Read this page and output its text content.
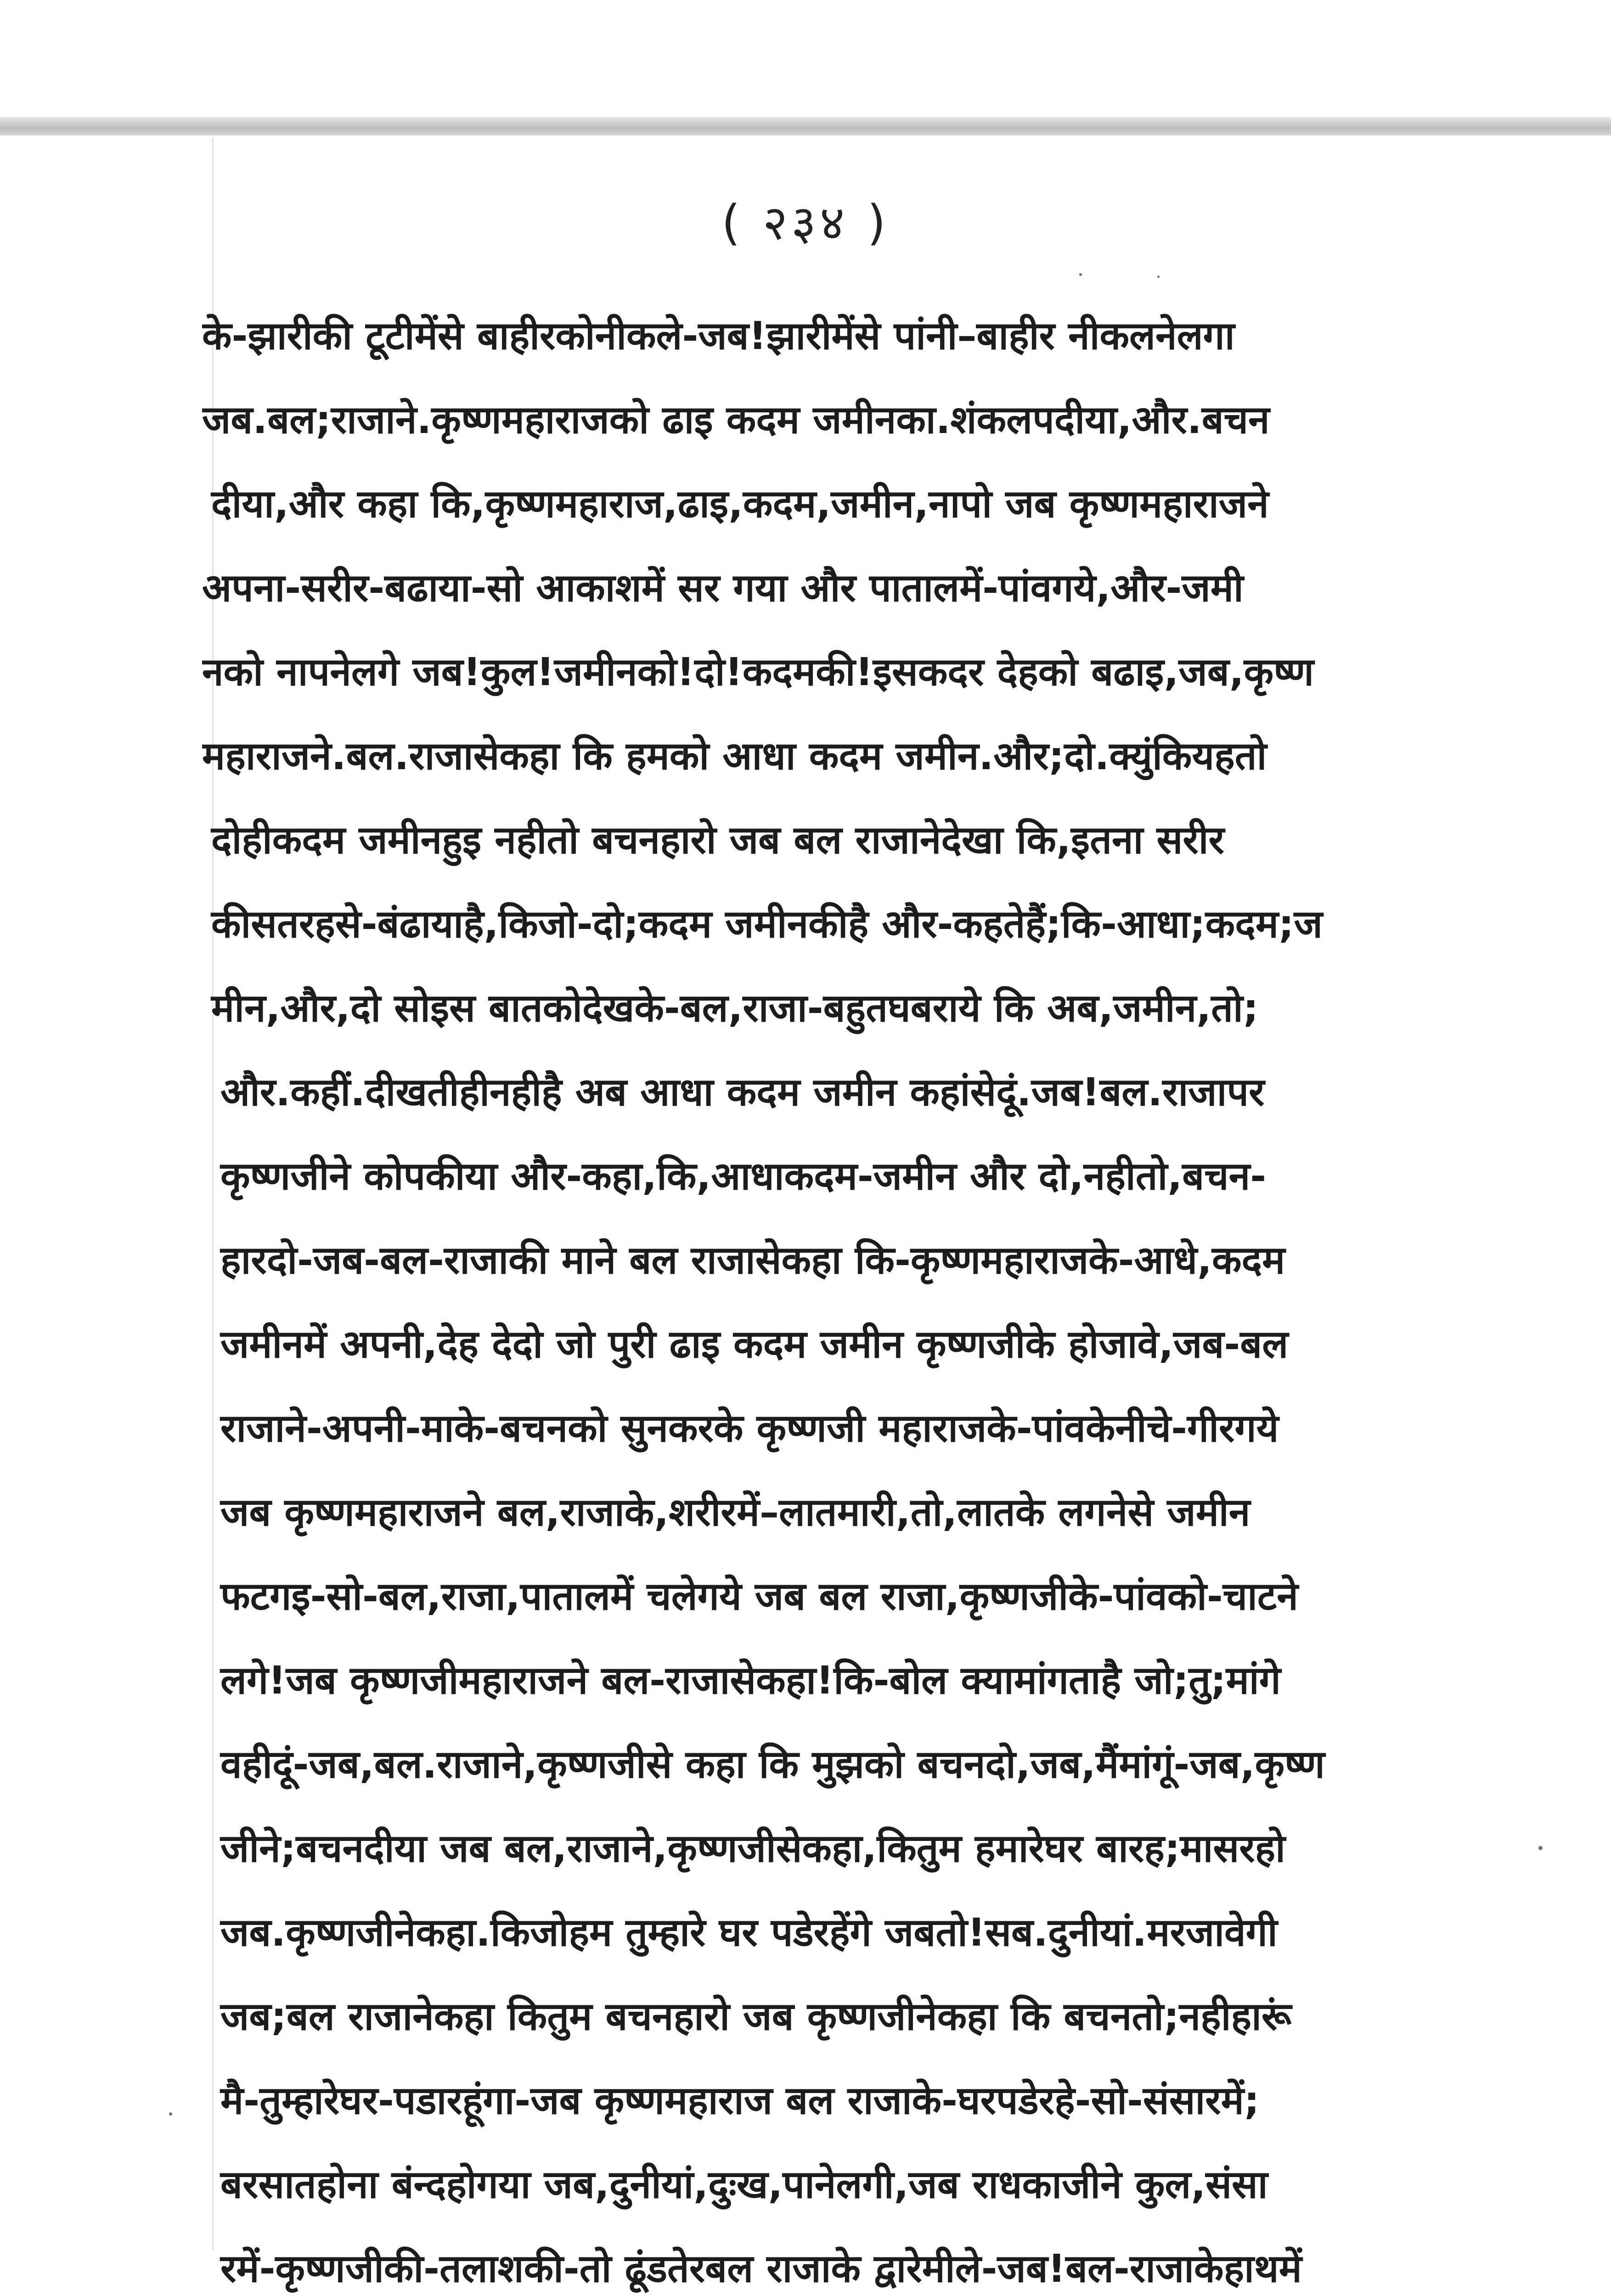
( २३४ )
के-झारीकी टूटीमेंसे बाहीरकोनीकले-जब!झारीमेंसे पांनी–बाहीर नीकलनेलगा
जब.बल;राजाने.कृष्णमहाराजको ढाइ कदम जमीनका.शंकलपदीया,और.बचन
दीया,और कहा कि,कृष्णमहाराज,ढाइ,कदम,जमीन,नापो जब कृष्णमहाराजने
अपना-सरीर-बढाया-सो आकाशमें सर गया और पातालमें-पांवगये,और-जमी
नको नापनेलगे जब!कुल!जमीनको!दो!कदमकी!इसकदर देहको बढाइ,जब,कृष्ण
महाराजने.बल.राजासेकहा कि हमको आधा कदम जमीन.और;दो.क्युंकियहतो
दोहीकदम जमीनहुइ नहीतो बचनहारो जब बल राजानेदेखा कि,इतना सरीर
कीसतरहसे-बंढायाहै,किजो-दो;कदम जमीनकीहै और-कहतेहैं;कि-आधा;कदम;ज
मीन,और,दो सोइस बातकोदेखके-बल,राजा-बहुतघबराये कि अब,जमीन,तो;
और.कहीं.दीखतीहीनहीहै अब आधा कदम जमीन कहांसेदूं.जब!बल.राजापर
कृष्णजीने कोपकीया और-कहा,कि,आधाकदम-जमीन और दो,नहीतो,बचन-
हारदो-जब-बल-राजाकी माने बल राजासेकहा कि-कृष्णमहाराजके-आधे,कदम
जमीनमें अपनी,देह देदो जो पुरी ढाइ कदम जमीन कृष्णजीके होजावे,जब-बल
राजाने-अपनी-माके-बचनको सुनकरके कृष्णजी महाराजके-पांवकेनीचे-गीरगये
जब कृष्णमहाराजने बल,राजाके,शरीरमें–लातमारी,तो,लातके लगनेसे जमीन
फटगइ-सो-बल,राजा,पातालमें चलेगये जब बल राजा,कृष्णजीके-पांवको-चाटने
लगे!जब कृष्णजीमहाराजने बल-राजासेकहा!कि-बोल क्यामांगताहै जो;तु;मांगे
वहीदूं-जब,बल.राजाने,कृष्णजीसे कहा कि मुझको बचनदो,जब,मैंमांगूं-जब,कृष्ण
जीने;बचनदीया जब बल,राजाने,कृष्णजीसेकहा,कितुम हमारेघर बारह;मासरहो
जब.कृष्णजीनेकहा.किजोहम तुम्हारे घर पडेरहेंगे जबतो!सब.दुनीयां.मरजावेगी
जब;बल राजानेकहा कितुम बचनहारो जब कृष्णजीनेकहा कि बचनतो;नहीहारूं
मै-तुम्हारेघर-पडारहूंगा-जब कृष्णमहाराज बल राजाके-घरपडेरहे-सो-संसारमें;
बरसातहोना बंन्दहोगया जब,दुनीयां,दुःख,पानेलगी,जब राधकाजीने कुल,संसा
रमें-कृष्णजीकी-तलाशकी-तो ढूंडतेरबल राजाके द्वारेमीले-जब!बल-राजाकेहाथमें
